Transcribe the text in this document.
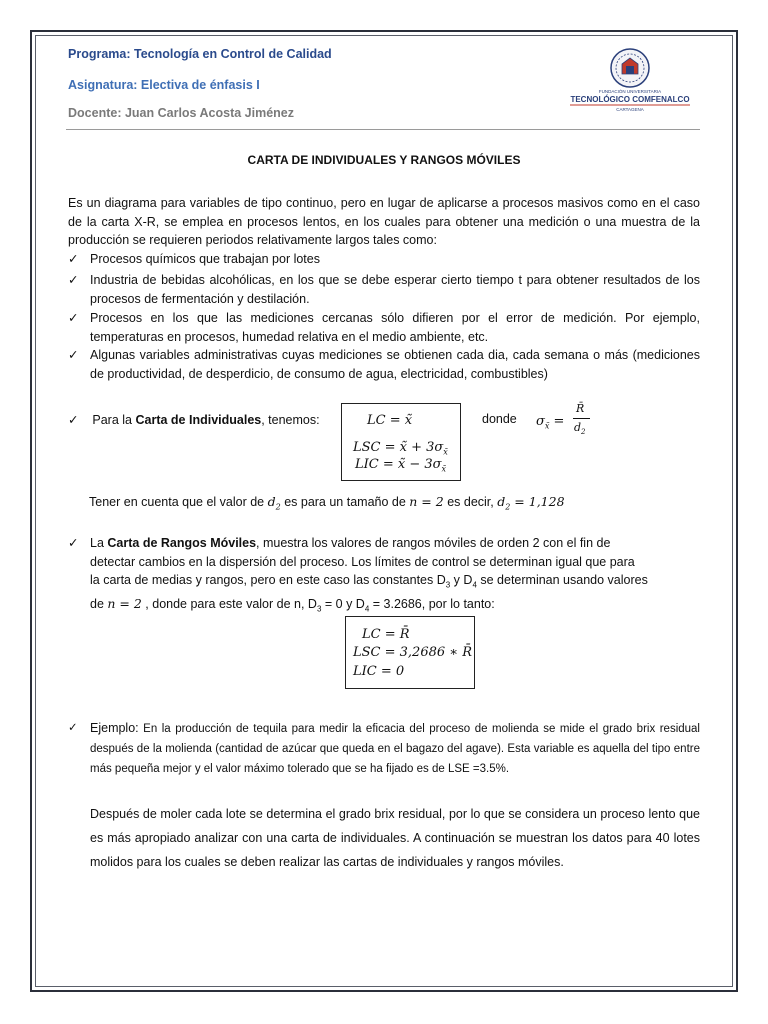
Programa: Tecnología en Control de Calidad
Asignatura: Electiva de énfasis I
Docente: Juan Carlos Acosta Jiménez
FUNDACIÓN UNIVERSITARIA
TECNOLÓGICO COMFENALCO
CARTAGENA
CARTA DE INDIVIDUALES Y RANGOS MÓVILES
Es un diagrama para variables de tipo continuo, pero en lugar de aplicarse a procesos masivos como en el caso de la carta X-R, se emplea en procesos lentos, en los cuales para obtener una medición o una muestra de la producción se requieren periodos relativamente largos tales como:
✓ Procesos químicos que trabajan por lotes
✓ Industria de bebidas alcohólicas, en los que se debe esperar cierto tiempo t para obtener resultados de los procesos de fermentación y destilación.
✓ Procesos en los que las mediciones cercanas sólo difieren por el error de medición. Por ejemplo, temperaturas en procesos, humedad relativa en el medio ambiente, etc.
✓ Algunas variables administrativas cuyas mediciones se obtienen cada dia, cada semana o más (mediciones de productividad, de desperdicio, de consumo de agua, electricidad, combustibles)
✓ Para la Carta de Individuales, tenemos:	LC = x̃
LSC = x̃ + $3\sigma_{x̃}$
LIC = x̃ − $3\sigma_{x̃}$
donde $\sigma_{x̃}$ =
R̄
$d_2$
Tener en cuenta que el valor de $d_2$ es para un tamaño de n = 2 es decir, $d_2 = 1,128$
✓ La Carta de Rangos Móviles, muestra los valores de rangos móviles de orden 2 con el fin de
detectar cambios en la dispersión del proceso. Los límites de control se determinan igual que para
la carta de medias y rangos, pero en este caso las constantes $D_3$ y $D_4$ se determinan usando valores
de n = 2 , donde para este valor de n, $D_3 = 0$ y $D_4 = 3.2686$, por lo tanto:
LC = R̄
LSC = 3,2686 ∗ R̄
LIC = 0
✓ Ejemplo: En la producción de tequila para medir la eficacia del proceso de molienda se mide el grado brix residual después de la molienda (cantidad de azúcar que queda en el bagazo del agave). Esta variable es aquella del tipo entre más pequeña mejor y el valor máximo tolerado que se ha fijado es de LSE =3.5%.
Después de moler cada lote se determina el grado brix residual, por lo que se considera un proceso lento que es más apropiado analizar con una carta de individuales. A continuación se muestran los datos para 40 lotes molidos para los cuales se deben realizar las cartas de individuales y rangos móviles.
